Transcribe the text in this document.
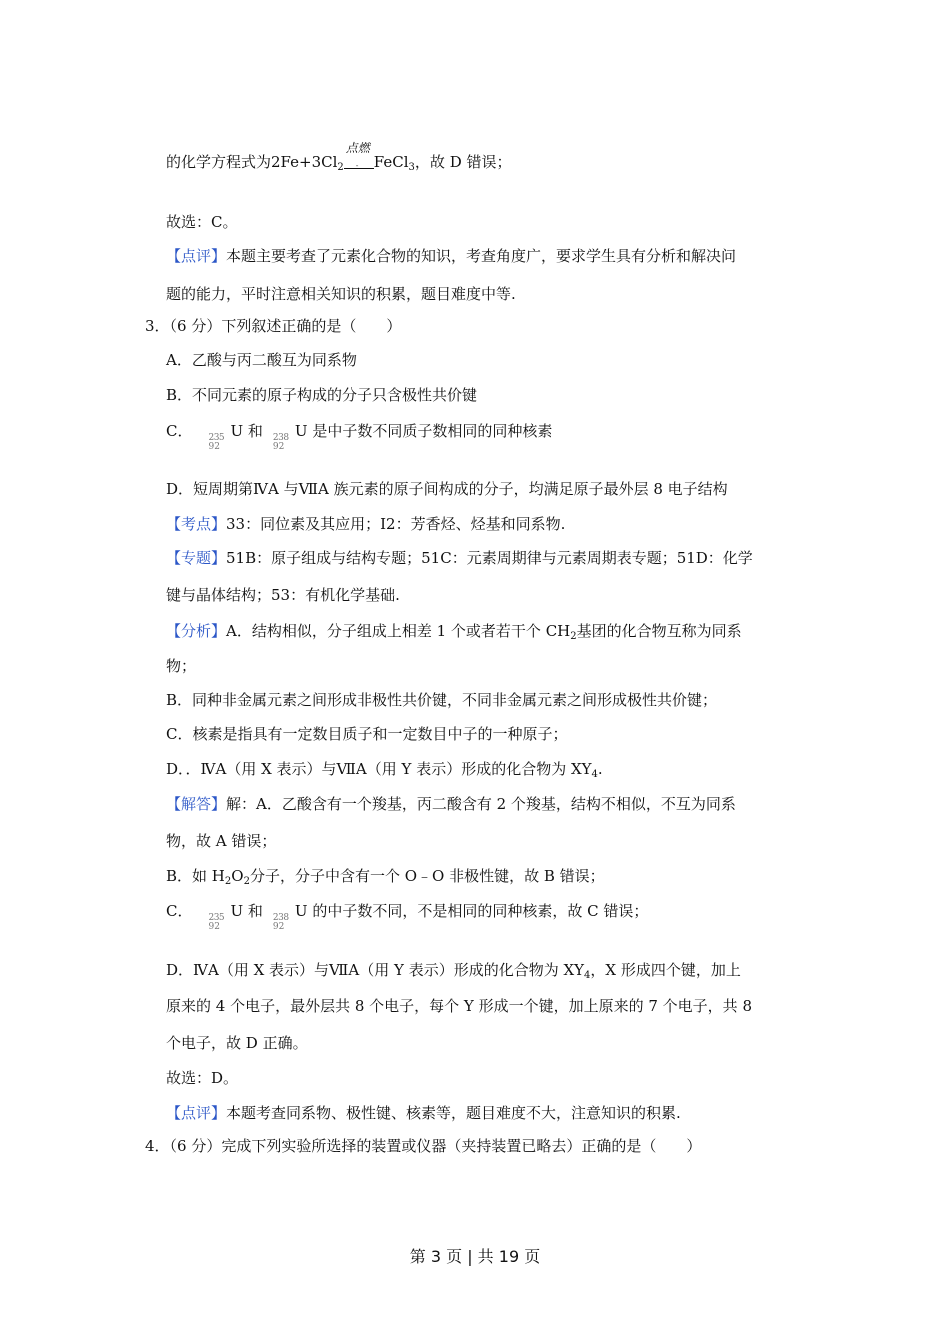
的化学方程式为$2Fe+3Cl_2$
点燃
- FeCl$_3$，故 D 错误；
故选：C。
【点评】本题主要考查了元素化合物的知识，考查角度广，要求学生具有分析和解决问
题的能力，平时注意相关知识的积累，题目难度中等.
3．（6 分）下列叙述正确的是（　　）
A．乙酸与丙二酸互为同系物
B．不同元素的原子构成的分子只含极性共价键
C． 235
92
U 和 238
92
U 是中子数不同质子数相同的同种核素
D．短周期第ⅣA 与ⅦA 族元素的原子间构成的分子，均满足原子最外层 8 电子结构
【考点】33：同位素及其应用；I2：芳香烃、烃基和同系物.
【专题】51B：原子组成与结构专题；51C：元素周期律与元素周期表专题；51D：化学
键与晶体结构；53：有机化学基础.
【分析】A．结构相似，分子组成上相差 1 个或者若干个 $CH_2$基团的化合物互称为同系
物；
B．同种非金属元素之间形成非极性共价键，不同非金属元素之间形成极性共价键；
C．核素是指具有一定数目质子和一定数目中子的一种原子；
D．．ⅣA（用 X 表示）与ⅦA（用 Y 表示）形成的化合物为 $XY_4$.
【解答】解：A．乙酸含有一个羧基，丙二酸含有 2 个羧基，结构不相似，不互为同系
物，故 A 错误；
B．如 $H_2O_2$分子，分子中含有一个 O﹣O 非极性键，故 B 错误；
C． 235
92
U 和 238
92
U 的中子数不同，不是相同的同种核素，故 C 错误；
D．ⅣA（用 X 表示）与ⅦA（用 Y 表示）形成的化合物为 $XY_4$，X 形成四个键，加上
原来的 4 个电子，最外层共 8 个电子，每个 Y 形成一个键，加上原来的 7 个电子，共 8
个电子，故 D 正确。
故选：D。
【点评】本题考查同系物、极性键、核素等，题目难度不大，注意知识的积累.
4．（6 分）完成下列实验所选择的装置或仪器（夹持装置已略去）正确的是（　　）
第 3 页 | 共 19 页
